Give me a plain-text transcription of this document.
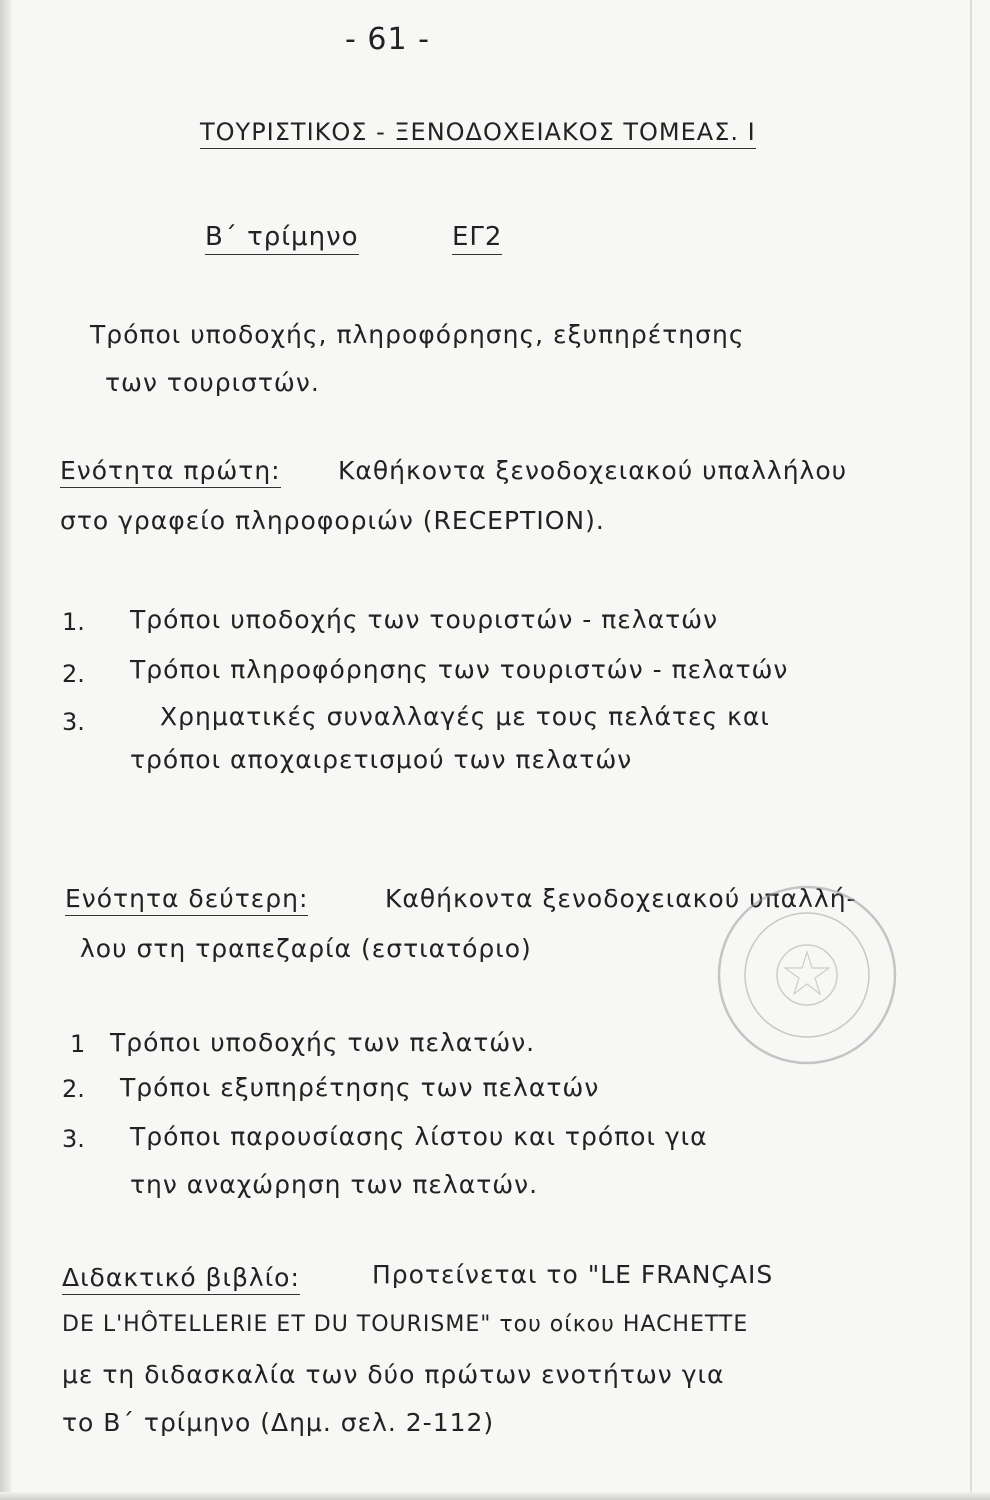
- 61 -
ΤΟΥΡΙΣΤΙΚΟΣ - ΞΕΝΟΔΟΧΕΙΑΚΟΣ ΤΟΜΕΑΣ. I
Β΄ τρίμηνο	ΕΓ2
Τρόποι υποδοχής, πληροφόρησης, εξυπηρέτησης
των τουριστών.
Ενότητα πρώτη: Καθήκοντα ξενοδοχειακού υπαλλήλου
στο γραφείο πληροφοριών (RECEPTION).
1. Τρόποι υποδοχής των τουριστών - πελατών
2. Τρόποι πληροφόρησης των τουριστών - πελατών
3.	Χρηματικές συναλλαγές με τους πελάτες και
τρόποι αποχαιρετισμού των πελατών
Ενότητα δεύτερη:	Καθήκοντα ξενοδοχειακού υπαλλή-
λου στη τραπεζαρία (εστιατόριο)
1 Τρόποι υποδοχής των πελατών.
2. Τρόποι εξυπηρέτησης των πελατών
3. Τρόποι παρουσίασης λίστου και τρόποι για
την αναχώρηση των πελατών.
Διδακτικό βιβλίο:	Προτείνεται το "LE FRANÇAIS
DE L'HÔTELLERIE ET DU TOURISME" του οίκου HACHETTE
με τη διδασκαλία των δύο πρώτων ενοτήτων για
το Β΄ τρίμηνο (Δημ. σελ. 2-112)
